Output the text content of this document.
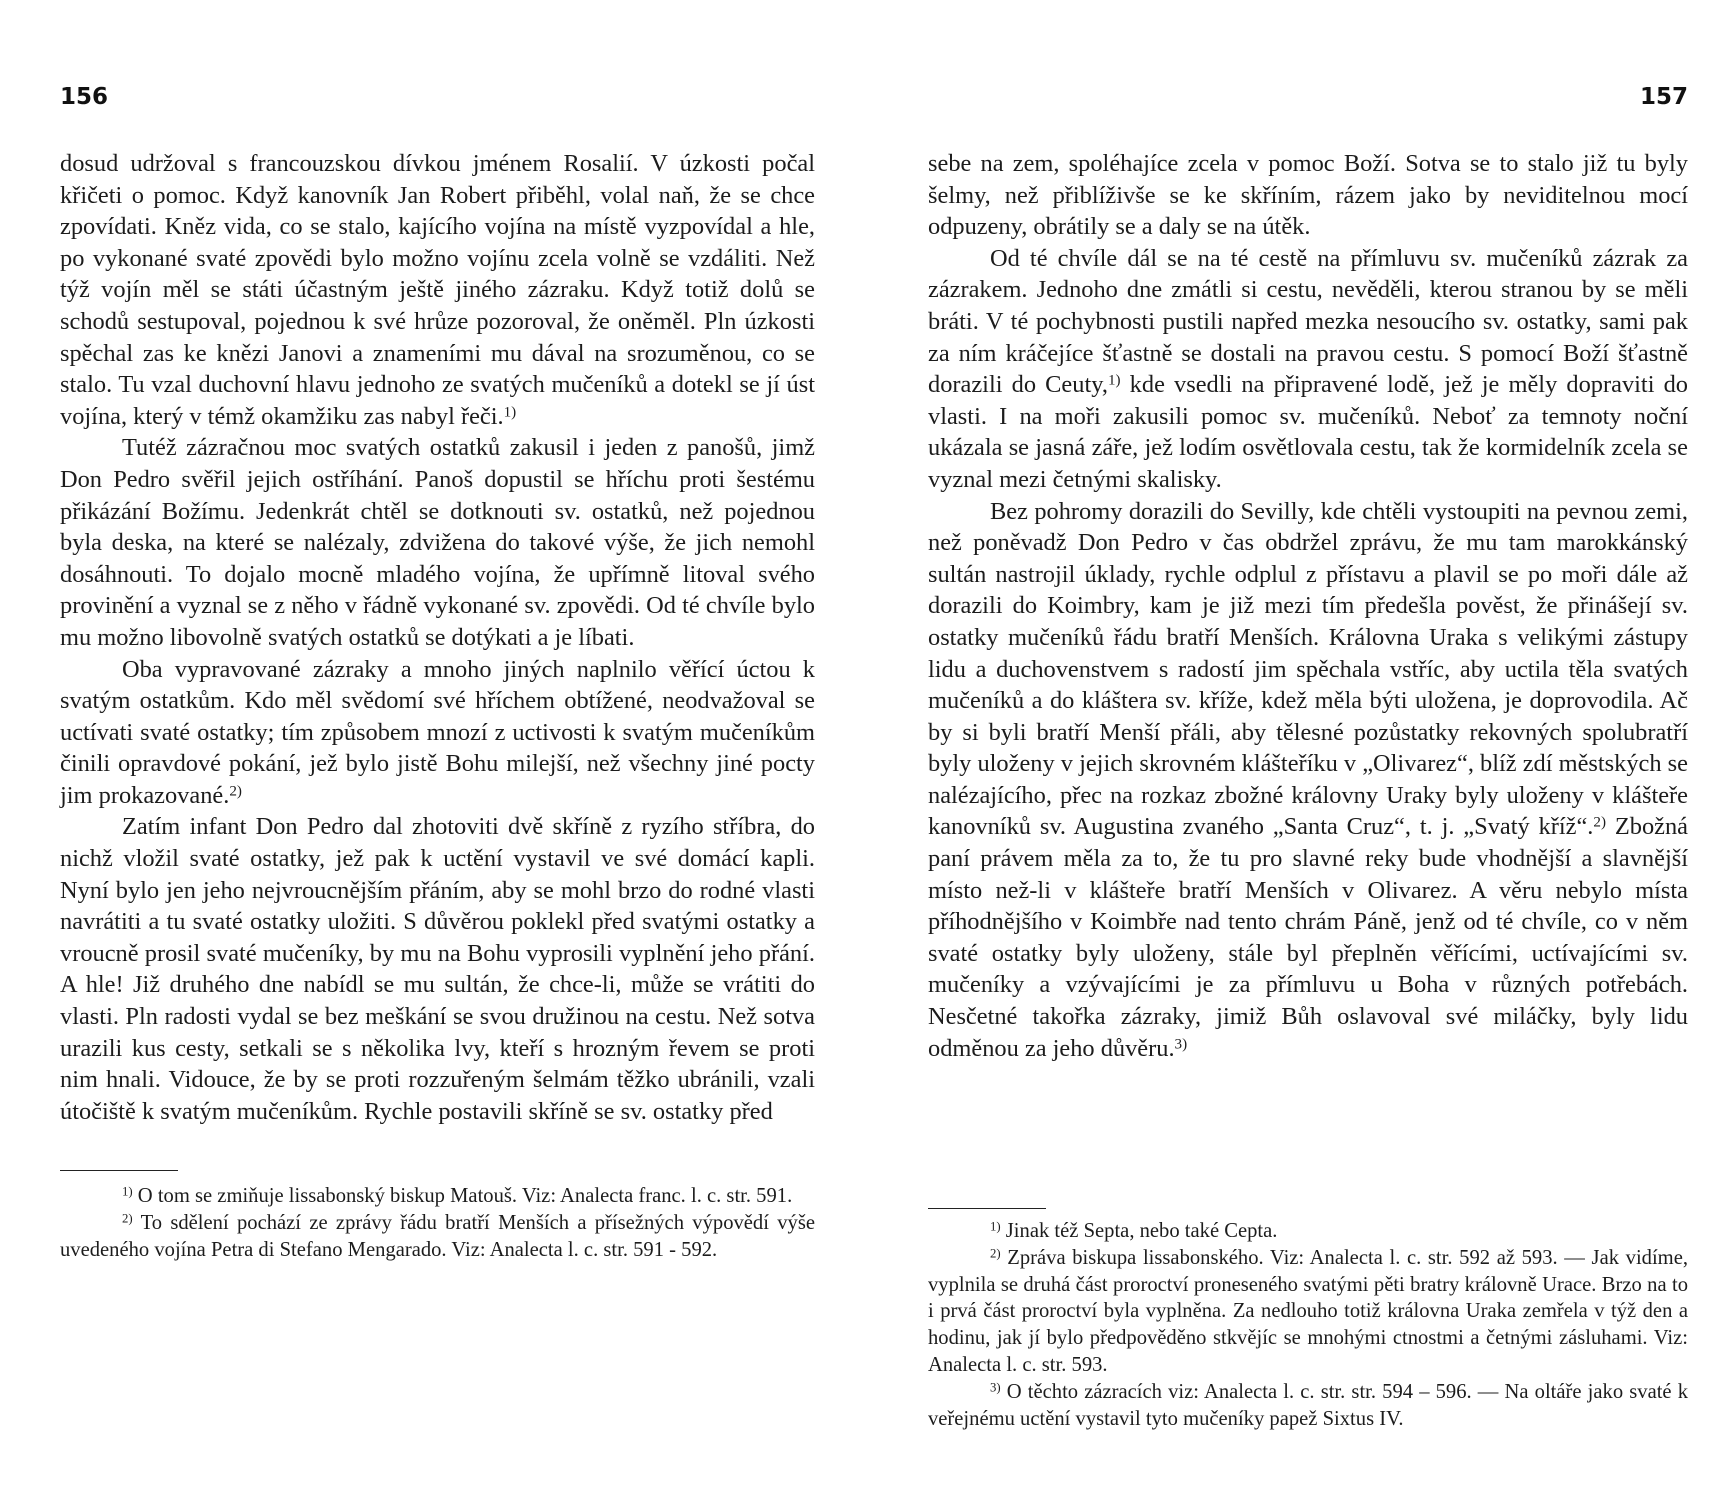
156

dosud udržoval s francouzskou dívkou jménem Rosalií. V úzkosti počal křičeti o pomoc. Když kanovník Jan Robert přiběhl, volal naň, že se chce zpovídati. Kněz vida, co se stalo, kajícího vojína na místě vyzpovídal a hle, po vykonané svaté zpovědi bylo možno vojínu zcela volně se vzdáliti. Než týž vojín měl se státi účastným ještě jiného zázraku. Když totiž dolů se schodů sestupoval, pojednou k své hrůze pozoroval, že oněměl. Pln úzkosti spěchal zas ke knězi Janovi a znameními mu dával na srozuměnou, co se stalo. Tu vzal duchovní hlavu jednoho ze svatých mučeníků a dotekl se jí úst vojína, který v témž okamžiku zas nabyl řeči.$^{1)}$

Tutéž zázračnou moc svatých ostatků zakusil i jeden z panošů, jimž Don Pedro svěřil jejich ostříhání. Panoš dopustil se hříchu proti šestému přikázání Božímu. Jedenkrát chtěl se dotknouti sv. ostatků, než pojednou byla deska, na které se nalézaly, zdvižena do takové výše, že jich nemohl dosáhnouti. To dojalo mocně mladého vojína, že upřímně litoval svého provinění a vyznal se z něho v řádně vykonané sv. zpovědi. Od té chvíle bylo mu možno libovolně svatých ostatků se dotýkati a je líbati.

Oba vypravované zázraky a mnoho jiných naplnilo věřící úctou k svatým ostatkům. Kdo měl svědomí své hříchem obtížené, neodvažoval se uctívati svaté ostatky; tím způsobem mnozí z uctivosti k svatým mučeníkům činili opravdové pokání, jež bylo jistě Bohu milejší, než všechny jiné pocty jim prokazované.$^{2)}$

Zatím infant Don Pedro dal zhotoviti dvě skříně z ryzího stříbra, do nichž vložil svaté ostatky, jež pak k uctění vystavil ve své domácí kapli. Nyní bylo jen jeho nejvroucnějším přáním, aby se mohl brzo do rodné vlasti navrátiti a tu svaté ostatky uložiti. S důvěrou poklekl před svatými ostatky a vroucně prosil svaté mučeníky, by mu na Bohu vyprosili vyplnění jeho přání. A hle! Již druhého dne nabídl se mu sultán, že chce-li, může se vrátiti do vlasti. Pln radosti vydal se bez meškání se svou družinou na cestu. Než sotva urazili kus cesty, setkali se s několika lvy, kteří s hrozným řevem se proti nim hnali. Vidouce, že by se proti rozzuřeným šelmám těžko ubránili, vzali útočiště k svatým mučeníkům. Rychle postavili skříně se sv. ostatky před

$^{1)}$ O tom se zmiňuje lissabonský biskup Matouš. Viz: Analecta franc. l. c. str. 591.

$^{2)}$ To sdělení pochází ze zprávy řádu bratří Menších a přísežných výpovědí výše uvedeného vojína Petra di Stefano Mengarado. Viz: Analecta l. c. str. 591 - 592.

157

sebe na zem, spoléhajíce zcela v pomoc Boží. Sotva se to stalo již tu byly šelmy, než přiblíživše se ke skříním, rázem jako by neviditelnou mocí odpuzeny, obrátily se a daly se na útěk.

Od té chvíle dál se na té cestě na přímluvu sv. mučeníků zázrak za zázrakem. Jednoho dne zmátli si cestu, nevěděli, kterou stranou by se měli bráti. V té pochybnosti pustili napřed mezka nesoucího sv. ostatky, sami pak za ním kráčejíce šťastně se dostali na pravou cestu. S pomocí Boží šťastně dorazili do Ceuty,$^{1)}$ kde vsedli na připravené lodě, jež je měly dopraviti do vlasti. I na moři zakusili pomoc sv. mučeníků. Neboť za temnoty noční ukázala se jasná záře, jež lodím osvětlovala cestu, tak že kormidelník zcela se vyznal mezi četnými skalisky.

Bez pohromy dorazili do Sevilly, kde chtěli vystoupiti na pevnou zemi, než poněvadž Don Pedro v čas obdržel zprávu, že mu tam marokkánský sultán nastrojil úklady, rychle odplul z přístavu a plavil se po moři dále až dorazili do Koimbry, kam je již mezi tím předešla pověst, že přinášejí sv. ostatky mučeníků řádu bratří Menších. Královna Uraka s velikými zástupy lidu a duchovenstvem s radostí jim spěchala vstříc, aby uctila těla svatých mučeníků a do kláštera sv. kříže, kdež měla býti uložena, je doprovodila. Ač by si byli bratří Menší přáli, aby tělesné pozůstatky rekovných spolubratří byly uloženy v jejich skrovném klášteříku v „Olivarez“, blíž zdí městských se nalézajícího, přec na rozkaz zbožné královny Uraky byly uloženy v klášteře kanovníků sv. Augustina zvaného „Santa Cruz“, t. j. „Svatý kříž“.$^{2)}$ Zbožná paní právem měla za to, že tu pro slavné reky bude vhodnější a slavnější místo než-li v klášteře bratří Menších v Olivarez. A věru nebylo místa příhodnějšího v Koimbře nad tento chrám Páně, jenž od té chvíle, co v něm svaté ostatky byly uloženy, stále byl přeplněn věřícími, uctívajícími sv. mučeníky a vzývajícími je za přímluvu u Boha v různých potřebách. Nesčetné takořka zázraky, jimiž Bůh oslavoval své miláčky, byly lidu odměnou za jeho důvěru.$^{3)}$

$^{1)}$ Jinak též Septa, nebo také Cepta.

$^{2)}$ Zpráva biskupa lissabonského. Viz: Analecta l. c. str. 592 až 593. — Jak vidíme, vyplnila se druhá část proroctví proneseného svatými pěti bratry královně Urace. Brzo na to i prvá část proroctví byla vyplněna. Za nedlouho totiž královna Uraka zemřela v týž den a hodinu, jak jí bylo předpověděno stkvějíc se mnohými ctnostmi a četnými zásluhami. Viz: Analecta l. c. str. 593.

$^{3)}$ O těchto zázracích viz: Analecta l. c. str. str. 594 – 596. — Na oltáře jako svaté k veřejnému uctění vystavil tyto mučeníky papež Sixtus IV.
